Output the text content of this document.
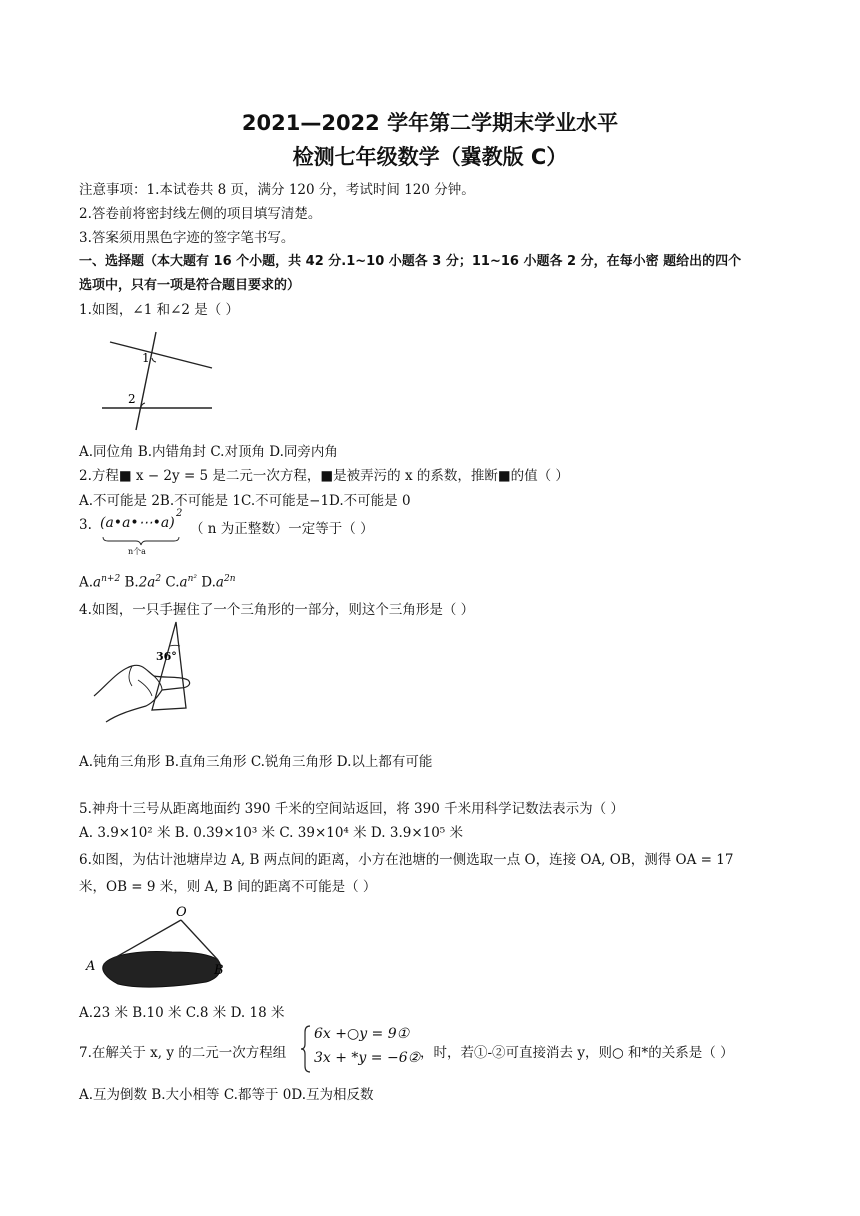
2021—2022 学年第二学期末学业水平
检测七年级数学（冀教版 C）
注意事项：1.本试卷共 8 页，满分 120 分，考试时间 120 分钟。
2.答卷前将密封线左侧的项目填写清楚。
3.答案须用黑色字迹的签字笔书写。
一、选择题（本大题有 16 个小题，共 42 分.1~10 小题各 3 分；11~16 小题各 2 分，在每小密 题给出的四个
选项中，只有一项是符合题目要求的）
1.如图，∠1 和∠2 是（ ）
1
2
A.同位角 B.内错角封 C.对顶角 D.同旁内角
2.方程■ x − 2y = 5 是二元一次方程，■是被弄污的 x 的系数，推断■的值（ ）
A.不可能是 2B.不可能是 1C.不可能是−1D.不可能是 0
3. (a•a•⋯•a)
2
n个a
（ n 为正整数）一定等于（ ）
$A.a^{n+2}$ $B.2a^2$ $C.a^{n^2}$ $D.a^{2n}$
4.如图，一只手握住了一个三角形的一部分，则这个三角形是（ ）
36°
A.钝角三角形 B.直角三角形 C.锐角三角形 D.以上都有可能
5.神舟十三号从距离地面约 390 千米的空间站返回，将 390 千米用科学记数法表示为（ ）
A. 3.9×10² 米 B. 0.39×10³ 米 C. 39×10⁴ 米 D. 3.9×10⁵ 米
6.如图，为估计池塘岸边 A, B 两点间的距离，小方在池塘的一侧选取一点 O，连接 OA, OB，测得 OA = 17
米，OB = 9 米，则 A, B 间的距离不可能是（ ）
O
A	B
A.23 米 B.10 米 C.8 米 D. 18 米
7.在解关于 x, y 的二元一次方程组
6x +○y = 9①
3x + *y = −6② ，时，若①-②可直接消去 y，则○ 和*的关系是（ ）
A.互为倒数 B.大小相等 C.都等于 0D.互为相反数
